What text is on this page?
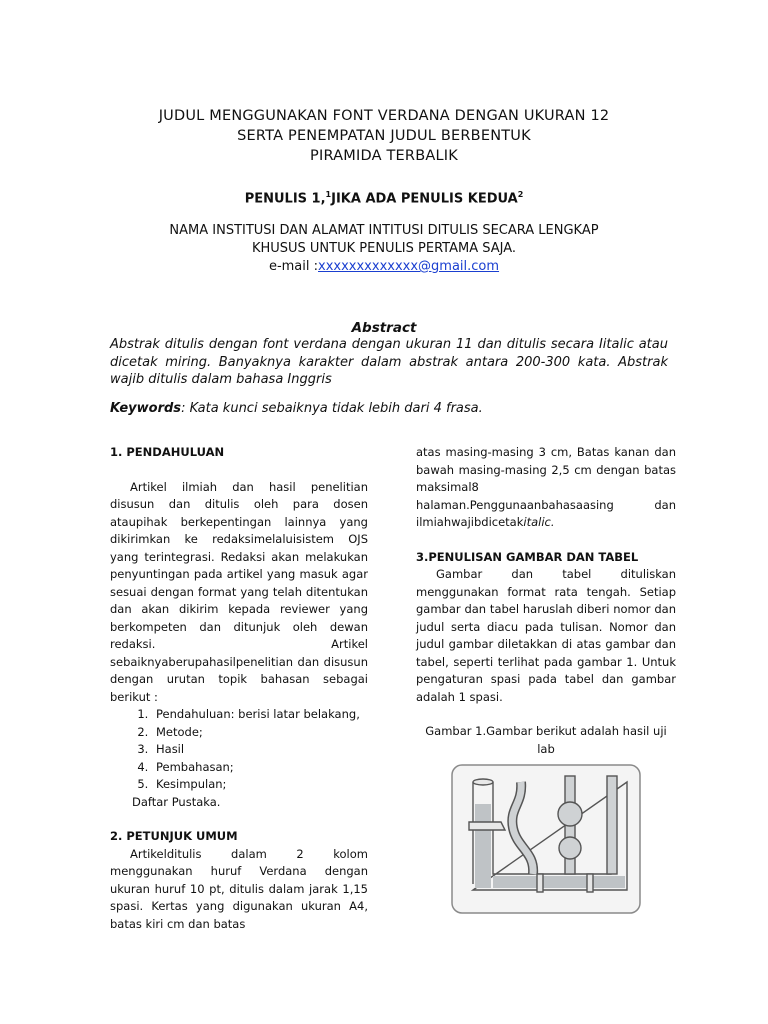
JUDUL MENGGUNAKAN FONT VERDANA DENGAN UKURAN 12
SERTA PENEMPATAN JUDUL BERBENTUK
PIRAMIDA TERBALIK
PENULIS 1,$^1$JIKA ADA PENULIS KEDUA$^2$
NAMA INSTITUSI DAN ALAMAT INTITUSI DITULIS SECARA LENGKAP
KHUSUS UNTUK PENULIS PERTAMA SAJA.
e-mail :xxxxxxxxxxxxx@gmail.com
Abstract
Abstrak ditulis dengan font verdana dengan ukuran 11 dan ditulis secara Iitalic atau dicetak miring. Banyaknya karakter dalam abstrak antara 200-300 kata. Abstrak wajib ditulis dalam bahasa Inggris
Keywords: Kata kunci sebaiknya tidak lebih dari 4 frasa.

1. PENDAHULUAN

Artikel ilmiah dan hasil penelitian disusun dan ditulis oleh para dosen ataupihak berkepentingan lainnya yang dikirimkan ke redaksimelaluisistem OJS yang terintegrasi. Redaksi akan melakukan penyuntingan pada artikel yang masuk agar sesuai dengan format yang telah ditentukan dan akan dikirim kepada reviewer yang berkompeten dan ditunjuk oleh dewan redaksi. Artikel sebaiknyaberupahasilpenelitian dan disusun dengan urutan topik bahasan sebagai berikut :

1. Pendahuluan: berisi latar belakang,
2. Metode;
3. Hasil
4. Pembahasan;
5. Kesimpulan;

Daftar Pustaka.

2. PETUNJUK UMUM

Artikelditulis dalam 2 kolom menggunakan huruf Verdana dengan ukuran huruf 10 pt, ditulis dalam jarak 1,15 spasi. Kertas yang digunakan ukuran A4, batas kiri cm dan batas

atas masing-masing 3 cm, Batas kanan dan bawah masing-masing 2,5 cm dengan batas maksimal8 halaman.Penggunaanbahasaasing dan ilmiahwajibdicetakitalic.

3.PENULISAN GAMBAR DAN TABEL

Gambar dan tabel dituliskan menggunakan format rata tengah. Setiap gambar dan tabel haruslah diberi nomor dan judul serta diacu pada tulisan. Nomor dan judul gambar diletakkan di atas gambar dan tabel, seperti terlihat pada gambar 1. Untuk pengaturan spasi pada tabel dan gambar adalah 1 spasi.

Gambar 1.Gambar berikut adalah hasil uji lab
